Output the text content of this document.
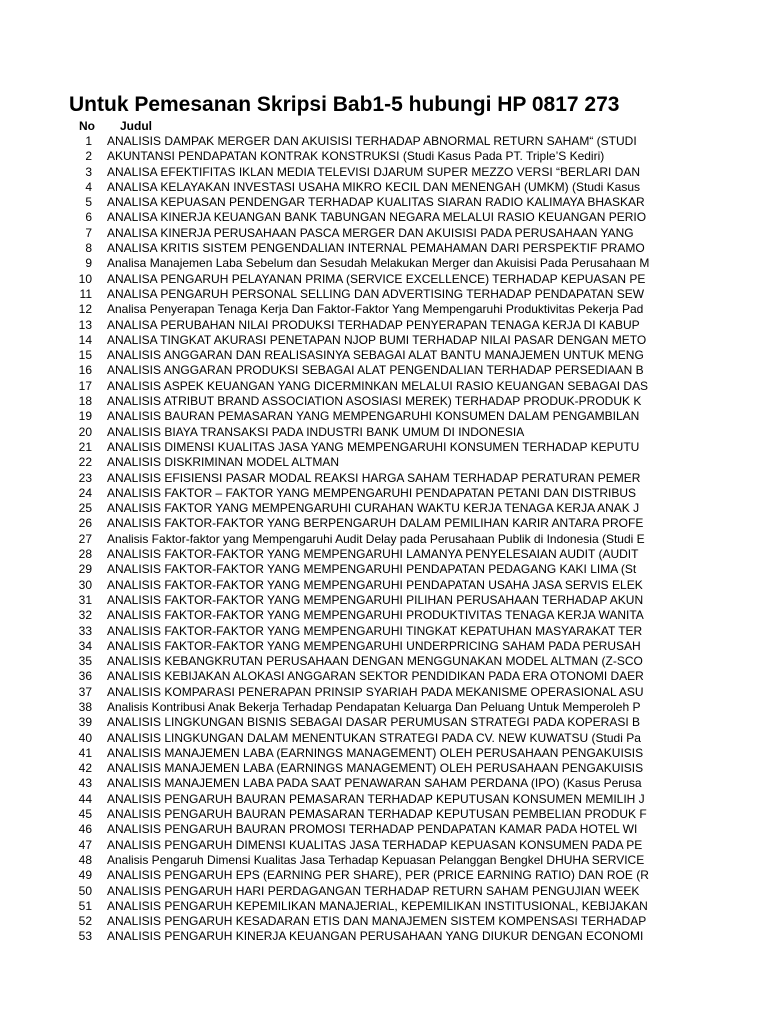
Untuk Pemesanan Skripsi Bab1-5 hubungi HP 0817 273
No Judul
1 ANALISIS DAMPAK MERGER DAN AKUISISI TERHADAP ABNORMAL RETURN SAHAM“ (STUDI
2 AKUNTANSI PENDAPATAN KONTRAK KONSTRUKSI (Studi Kasus Pada PT. Triple’S Kediri)
3 ANALISA EFEKTIFITAS IKLAN MEDIA TELEVISI DJARUM SUPER MEZZO VERSI “BERLARI DAN
4 ANALISA KELAYAKAN INVESTASI USAHA MIKRO KECIL DAN MENENGAH (UMKM) (Studi Kasus
5 ANALISA KEPUASAN PENDENGAR TERHADAP KUALITAS SIARAN RADIO KALIMAYA BHASKAR
6 ANALISA KINERJA KEUANGAN BANK TABUNGAN NEGARA MELALUI RASIO KEUANGAN PERIO
7 ANALISA KINERJA PERUSAHAAN PASCA MERGER DAN AKUISISI PADA PERUSAHAAN YANG
8 ANALISA KRITIS SISTEM PENGENDALIAN INTERNAL PEMAHAMAN DARI PERSPEKTIF PRAMO
9 Analisa Manajemen Laba Sebelum dan Sesudah Melakukan Merger dan Akuisisi Pada Perusahaan M
10 ANALISA PENGARUH PELAYANAN PRIMA (SERVICE EXCELLENCE) TERHADAP KEPUASAN PE
11 ANALISA PENGARUH PERSONAL SELLING DAN ADVERTISING TERHADAP PENDAPATAN SEW
12 Analisa Penyerapan Tenaga Kerja Dan Faktor-Faktor Yang Mempengaruhi Produktivitas Pekerja Pad
13 ANALISA PERUBAHAN NILAI PRODUKSI TERHADAP PENYERAPAN TENAGA KERJA DI KABUP
14 ANALISA TINGKAT AKURASI PENETAPAN NJOP BUMI TERHADAP NILAI PASAR DENGAN METO
15 ANALISIS ANGGARAN DAN REALISASINYA SEBAGAI ALAT BANTU MANAJEMEN UNTUK MENG
16 ANALISIS ANGGARAN PRODUKSI SEBAGAI ALAT PENGENDALIAN TERHADAP PERSEDIAAN B
17 ANALISIS ASPEK KEUANGAN YANG DICERMINKAN MELALUI RASIO KEUANGAN SEBAGAI DAS
18 ANALISIS ATRIBUT BRAND ASSOCIATION ASOSIASI MEREK) TERHADAP PRODUK-PRODUK K
19 ANALISIS BAURAN PEMASARAN YANG MEMPENGARUHI KONSUMEN DALAM PENGAMBILAN
20 ANALISIS BIAYA TRANSAKSI PADA INDUSTRI BANK UMUM DI INDONESIA
21 ANALISIS DIMENSI KUALITAS JASA YANG MEMPENGARUHI KONSUMEN TERHADAP KEPUTU
22 ANALISIS DISKRIMINAN MODEL ALTMAN
23 ANALISIS EFISIENSI PASAR MODAL REAKSI HARGA SAHAM TERHADAP PERATURAN PEMER
24 ANALISIS FAKTOR – FAKTOR YANG MEMPENGARUHI PENDAPATAN PETANI DAN DISTRIBUS
25 ANALISIS FAKTOR YANG MEMPENGARUHI CURAHAN WAKTU KERJA TENAGA KERJA ANAK J
26 ANALISIS FAKTOR-FAKTOR YANG BERPENGARUH DALAM PEMILIHAN KARIR ANTARA PROFE
27 Analisis Faktor-faktor yang Mempengaruhi Audit Delay pada Perusahaan Publik di Indonesia (Studi E
28 ANALISIS FAKTOR-FAKTOR YANG MEMPENGARUHI LAMANYA PENYELESAIAN AUDIT (AUDIT
29 ANALISIS FAKTOR-FAKTOR YANG MEMPENGARUHI PENDAPATAN PEDAGANG KAKI LIMA (St
30 ANALISIS FAKTOR-FAKTOR YANG MEMPENGARUHI PENDAPATAN USAHA JASA SERVIS ELEK
31 ANALISIS FAKTOR-FAKTOR YANG MEMPENGARUHI PILIHAN PERUSAHAAN TERHADAP AKUN
32 ANALISIS FAKTOR-FAKTOR YANG MEMPENGARUHI PRODUKTIVITAS TENAGA KERJA WANITA
33 ANALISIS FAKTOR-FAKTOR YANG MEMPENGARUHI TINGKAT KEPATUHAN MASYARAKAT TER
34 ANALISIS FAKTOR-FAKTOR YANG MEMPENGARUHI UNDERPRICING SAHAM PADA PERUSAH
35 ANALISIS KEBANGKRUTAN PERUSAHAAN DENGAN MENGGUNAKAN MODEL ALTMAN (Z-SCO
36 ANALISIS KEBIJAKAN ALOKASI ANGGARAN SEKTOR PENDIDIKAN PADA ERA OTONOMI DAER
37 ANALISIS KOMPARASI PENERAPAN PRINSIP SYARIAH PADA MEKANISME OPERASIONAL ASU
38 Analisis Kontribusi Anak Bekerja Terhadap Pendapatan Keluarga Dan Peluang Untuk Memperoleh P
39 ANALISIS LINGKUNGAN BISNIS SEBAGAI DASAR PERUMUSAN STRATEGI PADA KOPERASI B
40 ANALISIS LINGKUNGAN DALAM MENENTUKAN STRATEGI PADA CV. NEW KUWATSU (Studi Pa
41 ANALISIS MANAJEMEN LABA (EARNINGS MANAGEMENT) OLEH PERUSAHAAN PENGAKUISIS
42 ANALISIS MANAJEMEN LABA (EARNINGS MANAGEMENT) OLEH PERUSAHAAN PENGAKUISIS
43 ANALISIS MANAJEMEN LABA PADA SAAT PENAWARAN SAHAM PERDANA (IPO) (Kasus Perusa
44 ANALISIS PENGARUH BAURAN PEMASARAN TERHADAP KEPUTUSAN KONSUMEN MEMILIH J
45 ANALISIS PENGARUH BAURAN PEMASARAN TERHADAP KEPUTUSAN PEMBELIAN PRODUK F
46 ANALISIS PENGARUH BAURAN PROMOSI TERHADAP PENDAPATAN KAMAR PADA HOTEL WI
47 ANALISIS PENGARUH DIMENSI KUALITAS JASA TERHADAP KEPUASAN KONSUMEN PADA PE
48 Analisis Pengaruh Dimensi Kualitas Jasa Terhadap Kepuasan Pelanggan Bengkel DHUHA SERVICE
49 ANALISIS PENGARUH EPS (EARNING PER SHARE), PER (PRICE EARNING RATIO) DAN ROE (R
50 ANALISIS PENGARUH HARI PERDAGANGAN TERHADAP RETURN SAHAM PENGUJIAN WEEK
51 ANALISIS PENGARUH KEPEMILIKAN MANAJERIAL, KEPEMILIKAN INSTITUSIONAL, KEBIJAKAN
52 ANALISIS PENGARUH KESADARAN ETIS DAN MANAJEMEN SISTEM KOMPENSASI TERHADAP
53 ANALISIS PENGARUH KINERJA KEUANGAN PERUSAHAAN YANG DIUKUR DENGAN ECONOMI
